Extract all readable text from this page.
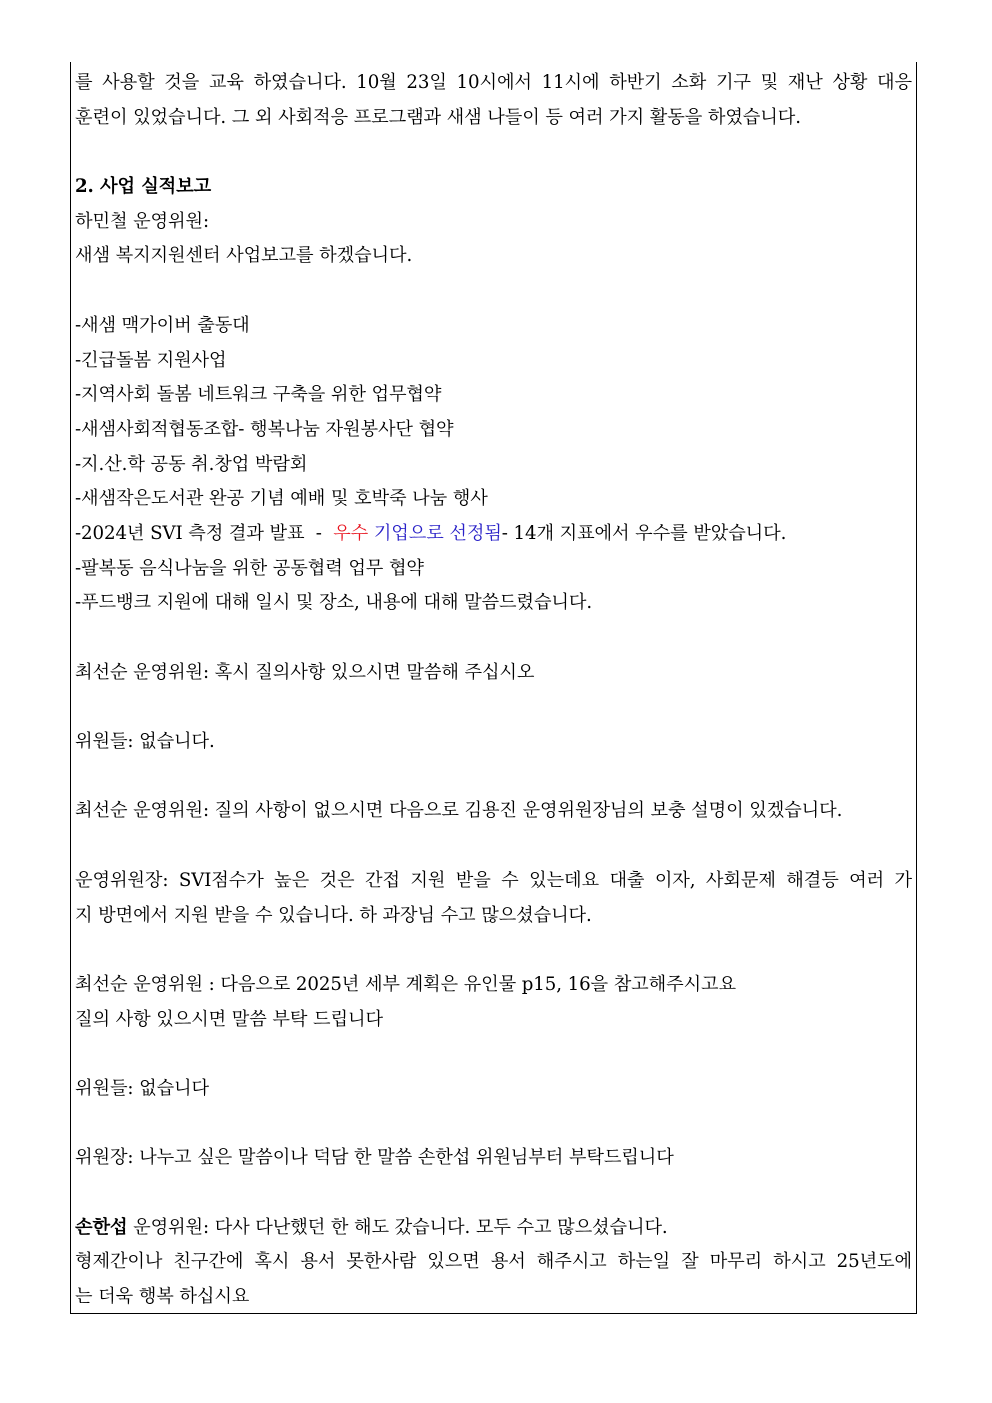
를 사용할 것을 교육 하였습니다. 10월 23일 10시에서 11시에 하반기 소화 기구 및 재난 상황 대응
훈련이 있었습니다. 그 외 사회적응 프로그램과 새샘 나들이 등 여러 가지 활동을 하였습니다.
2. 사업 실적보고
하민철 운영위원:
새샘 복지지원센터 사업보고를 하겠습니다.
-새샘 맥가이버 출동대
-긴급돌봄 지원사업
-지역사회 돌봄 네트워크 구축을 위한 업무협약
-새샘사회적협동조합- 행복나눔 자원봉사단 협약
-지.산.학 공동 취.창업 박람회
-새샘작은도서관 완공 기념 예배 및 호박죽 나눔 행사
-2024년 SVI 측정 결과 발표  -  우수 기업으로 선정됨- 14개 지표에서 우수를 받았습니다.
-팔복동 음식나눔을 위한 공동협력 업무 협약
-푸드뱅크 지원에 대해 일시 및 장소, 내용에 대해 말씀드렸습니다.
최선순 운영위원: 혹시 질의사항 있으시면 말씀해 주십시오
위원들: 없습니다.
최선순 운영위원: 질의 사항이 없으시면 다음으로 김용진 운영위원장님의 보충 설명이 있겠습니다.
운영위원장: SVI점수가 높은 것은 간접 지원 받을 수 있는데요 대출 이자, 사회문제 해결등 여러 가
지 방면에서 지원 받을 수 있습니다. 하 과장님 수고 많으셨습니다.
최선순 운영위원 : 다음으로 2025년 세부 계획은 유인물 p15, 16을 참고해주시고요
질의 사항 있으시면 말씀 부탁 드립니다
위원들: 없습니다
위원장: 나누고 싶은 말씀이나 덕담 한 말씀 손한섭 위원님부터 부탁드립니다
손한섭 운영위원: 다사 다난했던 한 해도 갔습니다. 모두 수고 많으셨습니다.
형제간이나 친구간에 혹시 용서 못한사람 있으면 용서 해주시고 하는일 잘 마무리 하시고 25년도에
는 더욱 행복 하십시요
